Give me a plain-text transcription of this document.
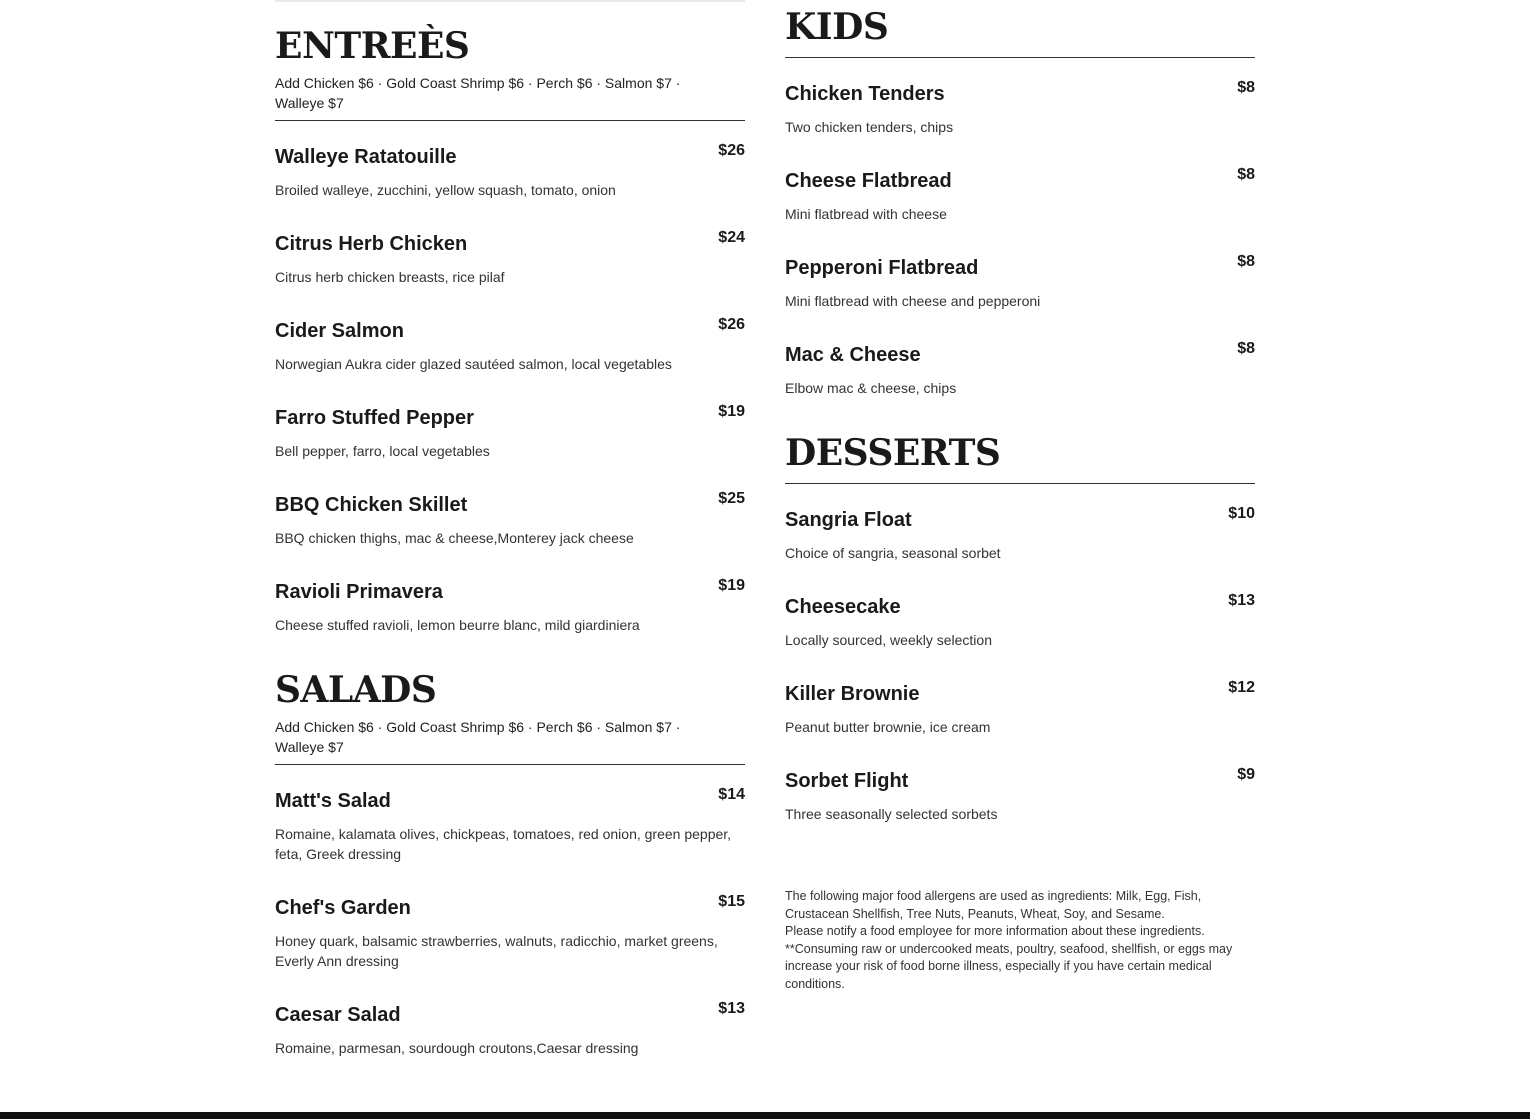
ENTREÈS
Add Chicken $6 · Gold Coast Shrimp $6 · Perch $6 · Salmon $7 · Walleye $7
Walleye Ratatouille	$26
Broiled walleye, zucchini, yellow squash, tomato, onion
Citrus Herb Chicken	$24
Citrus herb chicken breasts, rice pilaf
Cider Salmon	$26
Norwegian Aukra cider glazed sautéed salmon, local vegetables
Farro Stuffed Pepper	$19
Bell pepper, farro, local vegetables
BBQ Chicken Skillet	$25
BBQ chicken thighs, mac & cheese,Monterey jack cheese
Ravioli Primavera	$19
Cheese stuffed ravioli, lemon beurre blanc, mild giardiniera
SALADS
Add Chicken $6 · Gold Coast Shrimp $6 · Perch $6 · Salmon $7 · Walleye $7
Matt's Salad	$14
Romaine, kalamata olives, chickpeas, tomatoes, red onion, green pepper, feta, Greek dressing
Chef's Garden	$15
Honey quark, balsamic strawberries, walnuts, radicchio, market greens, Everly Ann dressing
Caesar Salad	$13
Romaine, parmesan, sourdough croutons,Caesar dressing
KIDS
Chicken Tenders	$8
Two chicken tenders, chips
Cheese Flatbread	$8
Mini flatbread with cheese
Pepperoni Flatbread	$8
Mini flatbread with cheese and pepperoni
Mac & Cheese	$8
Elbow mac & cheese, chips
DESSERTS
Sangria Float	$10
Choice of sangria, seasonal sorbet
Cheesecake	$13
Locally sourced, weekly selection
Killer Brownie	$12
Peanut butter brownie, ice cream
Sorbet Flight	$9
Three seasonally selected sorbets
The following major food allergens are used as ingredients: Milk, Egg, Fish, Crustacean Shellfish, Tree Nuts, Peanuts, Wheat, Soy, and Sesame.
Please notify a food employee for more information about these ingredients.
**Consuming raw or undercooked meats, poultry, seafood, shellfish, or eggs may increase your risk of food borne illness, especially if you have certain medical conditions.
